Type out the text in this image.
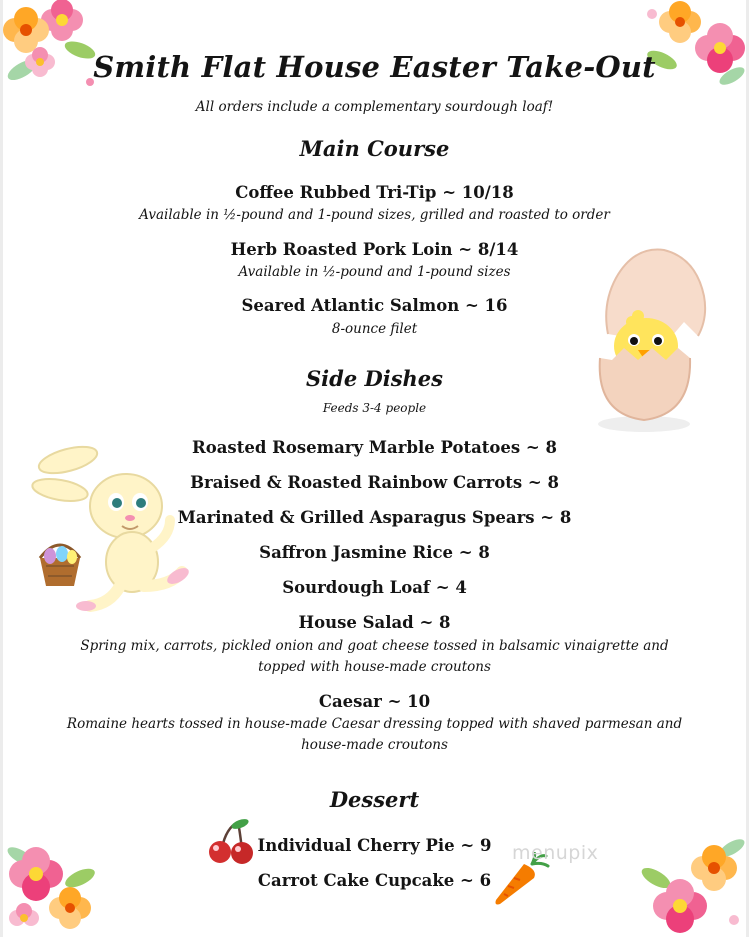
menupix
Smith Flat House Easter Take-Out
All orders include a complementary sourdough loaf!
Main Course
Coffee Rubbed Tri-Tip ~ 10/18
Available in ½-pound and 1-pound sizes, grilled and roasted to order
Herb Roasted Pork Loin ~ 8/14
Available in ½-pound and 1-pound sizes
Seared Atlantic Salmon ~ 16
8-ounce filet
Side Dishes
Feeds 3-4 people
Roasted Rosemary Marble Potatoes ~ 8
Braised & Roasted Rainbow Carrots ~ 8
Marinated & Grilled Asparagus Spears ~ 8
Saffron Jasmine Rice ~ 8
Sourdough Loaf ~ 4
House Salad ~ 8
Spring mix, carrots, pickled onion and goat cheese tossed in balsamic vinaigrette and
topped with house-made croutons
Caesar ~ 10
Romaine hearts tossed in house-made Caesar dressing topped with shaved parmesan and
house-made croutons
Dessert
Individual Cherry Pie ~ 9
Carrot Cake Cupcake ~ 6
